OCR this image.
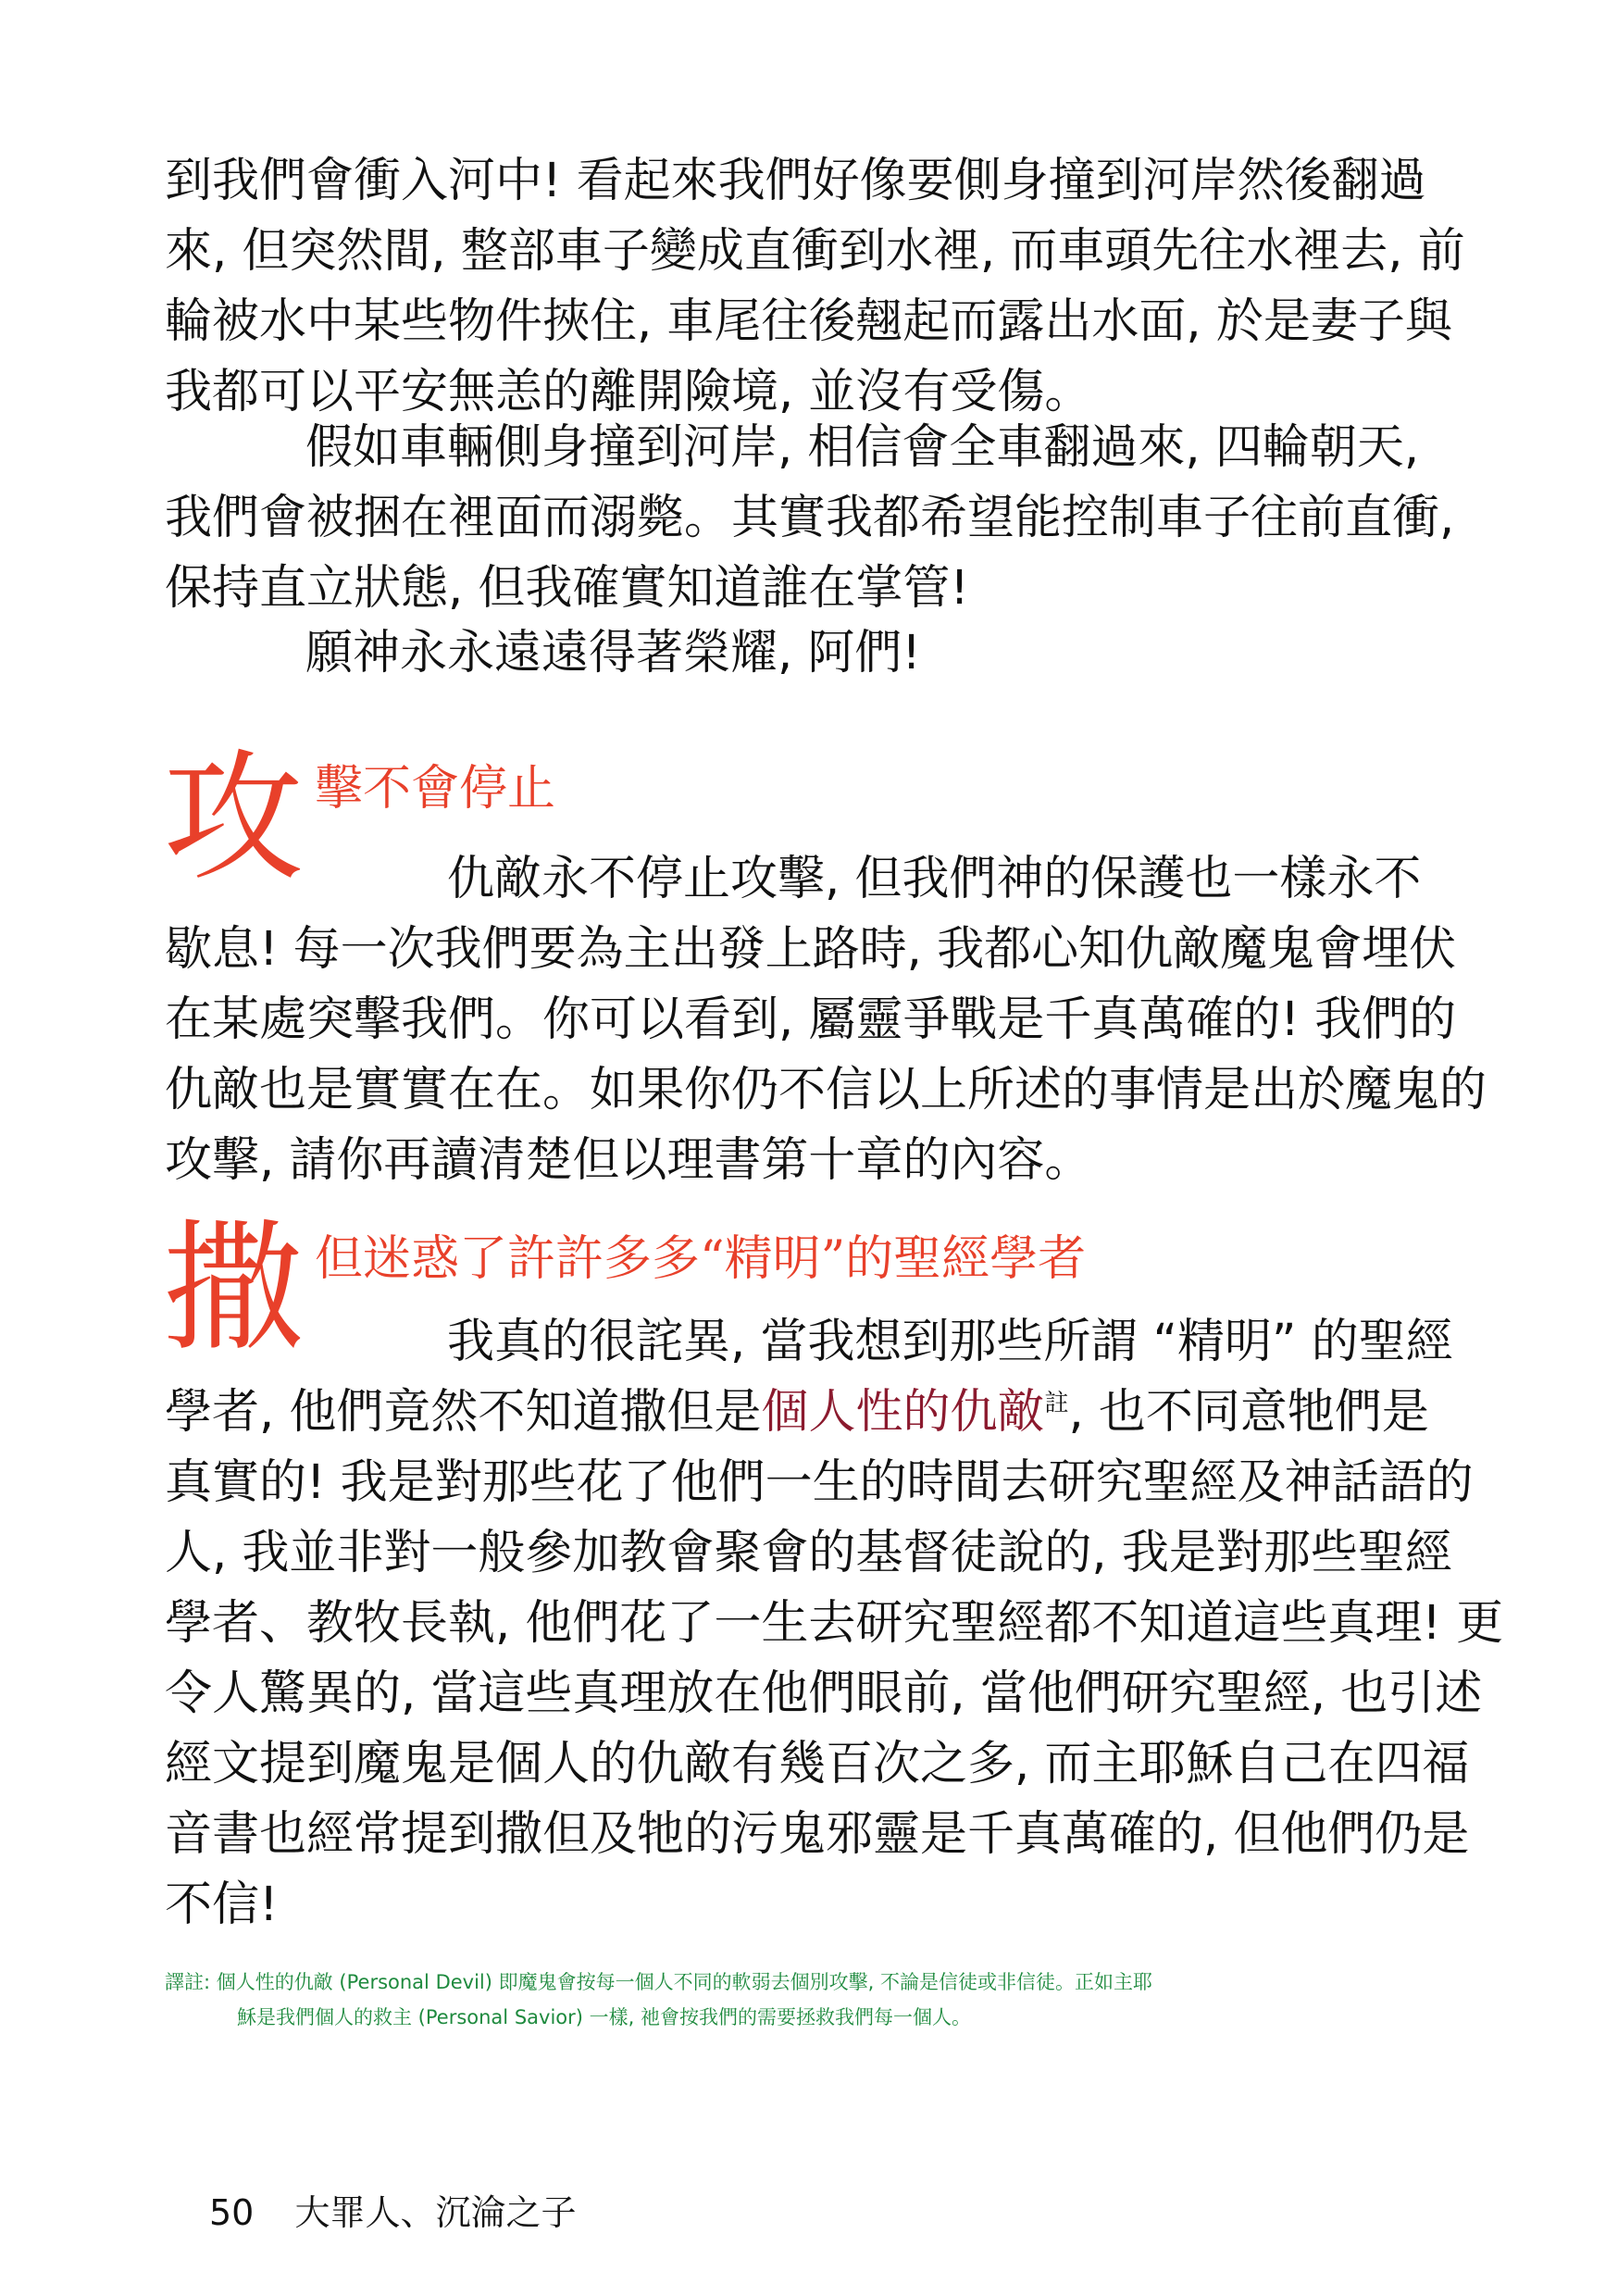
到我們會衝入河中! 看起來我們好像要側身撞到河岸然後翻過
來, 但突然間, 整部車子變成直衝到水裡, 而車頭先往水裡去, 前
輪被水中某些物件挾住, 車尾往後翹起而露出水面, 於是妻子與
我都可以平安無恙的離開險境, 並沒有受傷。
假如車輛側身撞到河岸, 相信會全車翻過來, 四輪朝天,
我們會被捆在裡面而溺斃。其實我都希望能控制車子往前直衝,
保持直立狀態, 但我確實知道誰在掌管!
願神永永遠遠得著榮耀, 阿們!
攻 擊不會停止
仇敵永不停止攻擊, 但我們神的保護也一樣永不
歇息! 每一次我們要為主出發上路時, 我都心知仇敵魔鬼會埋伏
在某處突擊我們。你可以看到, 屬靈爭戰是千真萬確的! 我們的
仇敵也是實實在在。如果你仍不信以上所述的事情是出於魔鬼的
攻擊, 請你再讀清楚但以理書第十章的內容。
撒 但迷惑了許許多多“精明”的聖經學者
我真的很詫異, 當我想到那些所謂 “精明” 的聖經
學者, 他們竟然不知道撒但是個人性的仇敵$^註$, 也不同意牠們是
真實的! 我是對那些花了他們一生的時間去研究聖經及神話語的
人, 我並非對一般參加教會聚會的基督徒說的, 我是對那些聖經
學者、教牧長執, 他們花了一生去研究聖經都不知道這些真理! 更
令人驚異的, 當這些真理放在他們眼前, 當他們研究聖經, 也引述
經文提到魔鬼是個人的仇敵有幾百次之多, 而主耶穌自己在四福
音書也經常提到撒但及牠的污鬼邪靈是千真萬確的, 但他們仍是
不信!
譯註: 個人性的仇敵 (Personal Devil) 即魔鬼會按每一個人不同的軟弱去個別攻擊, 不論是信徒或非信徒。正如主耶
穌是我們個人的救主 (Personal Savior) 一樣, 祂會按我們的需要拯救我們每一個人。
50 大罪人、沉淪之子
